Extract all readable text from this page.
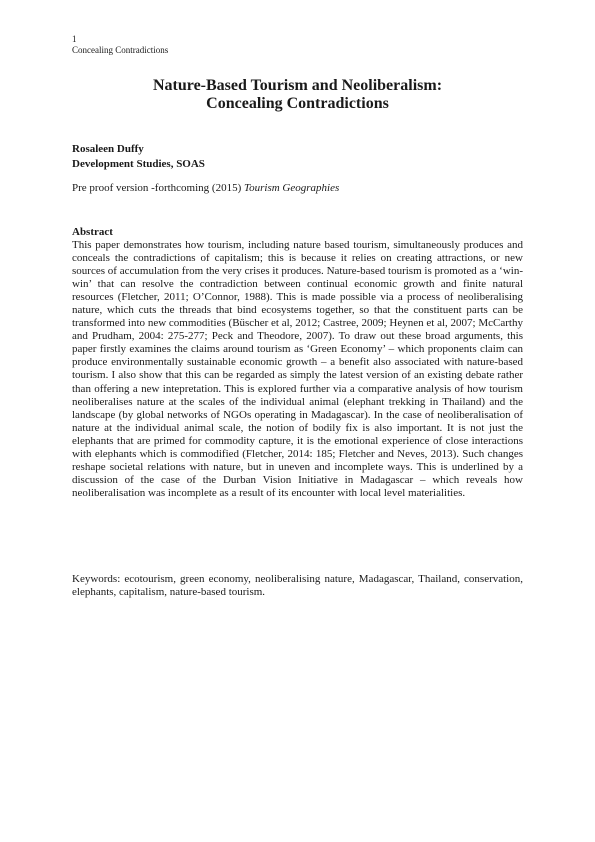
1
Concealing Contradictions
Nature-Based Tourism and Neoliberalism:
Concealing Contradictions
Rosaleen Duffy
Development Studies, SOAS
Pre proof version -forthcoming (2015) Tourism Geographies
Abstract

This paper demonstrates how tourism, including nature based tourism, simultaneously produces and conceals the contradictions of capitalism; this is because it relies on creating attractions, or new sources of accumulation from the very crises it produces. Nature-based tourism is promoted as a ‘win-win’ that can resolve the contradiction between continual economic growth and finite natural resources (Fletcher, 2011; O’Connor, 1988). This is made possible via a process of neoliberalising nature, which cuts the threads that bind ecosystems together, so that the constituent parts can be transformed into new commodities (Büscher et al, 2012; Castree, 2009; Heynen et al, 2007; McCarthy and Prudham, 2004: 275-277; Peck and Theodore, 2007). To draw out these broad arguments, this paper firstly examines the claims around tourism as ‘Green Economy’ – which proponents claim can produce environmentally sustainable economic growth – a benefit also associated with nature-based tourism. I also show that this can be regarded as simply the latest version of an existing debate rather than offering a new intepretation. This is explored further via a comparative analysis of how tourism neoliberalises nature at the scales of the individual animal (elephant trekking in Thailand) and the landscape (by global networks of NGOs operating in Madagascar). In the case of neoliberalisation of nature at the individual animal scale, the notion of bodily fix is also important. It is not just the elephants that are primed for commodity capture, it is the emotional experience of close interactions with elephants which is commodified (Fletcher, 2014: 185; Fletcher and Neves, 2013). Such changes reshape societal relations with nature, but in uneven and incomplete ways. This is underlined by a discussion of the case of the Durban Vision Initiative in Madagascar – which reveals how neoliberalisation was incomplete as a result of its encounter with local level materialities.

Keywords: ecotourism, green economy, neoliberalising nature, Madagascar, Thailand, conservation, elephants, capitalism, nature-based tourism.
